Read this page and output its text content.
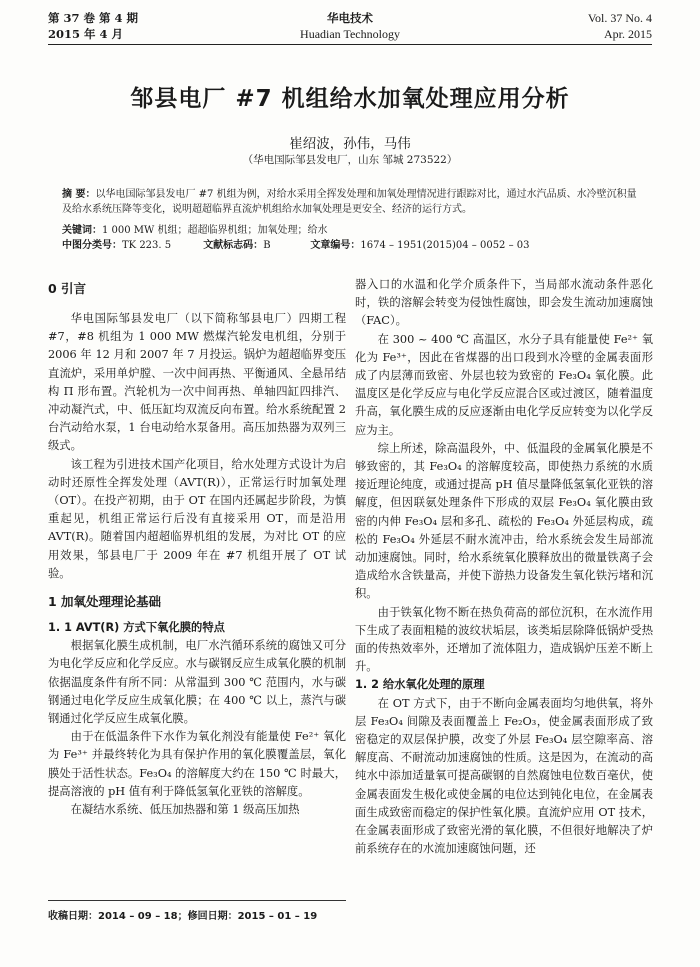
第 37 卷 第 4 期
2015 年 4 月
华电技术
Huadian Technology
Vol. 37 No. 4
Apr. 2015
邹县电厂 #7 机组给水加氧处理应用分析
崔绍波，孙伟，马伟
（华电国际邹县发电厂，山东 邹城 273522）
摘 要：以华电国际邹县发电厂 #7 机组为例，对给水采用全挥发处理和加氧处理情况进行跟踪对比，通过水汽品质、水冷壁沉积量及给水系统压降等变化，说明超超临界直流炉机组给水加氧处理是更安全、经济的运行方式。
关键词：1 000 MW 机组；超超临界机组；加氧处理；给水
中图分类号：TK 223. 5	文献标志码：B	文章编号：1674 – 1951(2015)04 – 0052 – 03
0 引言

华电国际邹县发电厂（以下简称邹县电厂）四期工程 #7，#8 机组为 1 000 MW 燃煤汽轮发电机组，分别于 2006 年 12 月和 2007 年 7 月投运。锅炉为超超临界变压直流炉，采用单炉膛、一次中间再热、平衡通风、全悬吊结构 Π 形布置。汽轮机为一次中间再热、单轴四缸四排汽、冲动凝汽式，中、低压缸均双流反向布置。给水系统配置 2 台汽动给水泵，1 台电动给水泵备用。高压加热器为双列三级式。

该工程为引进技术国产化项目，给水处理方式设计为启动时还原性全挥发处理（AVT(R)），正常运行时加氧处理（OT）。在投产初期，由于 OT 在国内还属起步阶段，为慎重起见，机组正常运行后没有直接采用 OT，而是沿用 AVT(R)。随着国内超超临界机组的发展，为对比 OT 的应用效果，邹县电厂于 2009 年在 #7 机组开展了 OT 试验。

1 加氧处理理论基础
1. 1 AVT(R) 方式下氧化膜的特点

根据氧化膜生成机制，电厂水汽循环系统的腐蚀又可分为电化学反应和化学反应。水与碳钢反应生成氧化膜的机制依据温度条件有所不同：从常温到 300 ℃ 范围内，水与碳钢通过电化学反应生成氧化膜；在 400 ℃ 以上，蒸汽与碳钢通过化学反应生成氧化膜。

由于在低温条件下水作为氧化剂没有能量使 Fe²⁺ 氧化为 Fe³⁺ 并最终转化为具有保护作用的氧化膜覆盖层，氧化膜处于活性状态。Fe₃O₄ 的溶解度大约在 150 ℃ 时最大，提高溶液的 pH 值有利于降低氢氧化亚铁的溶解度。

在凝结水系统、低压加热器和第 1 级高压加热

器入口的水温和化学介质条件下，当局部水流动条件恶化时，铁的溶解会转变为侵蚀性腐蚀，即会发生流动加速腐蚀（FAC）。

在 300 ~ 400 ℃ 高温区，水分子具有能量使 Fe²⁺ 氧化为 Fe³⁺，因此在省煤器的出口段到水冷壁的金属表面形成了内层薄而致密、外层也较为致密的 Fe₃O₄ 氧化膜。此温度区是化学反应与电化学反应混合区或过渡区，随着温度升高，氧化膜生成的反应逐渐由电化学反应转变为以化学反应为主。

综上所述，除高温段外，中、低温段的金属氧化膜是不够致密的，其 Fe₃O₄ 的溶解度较高，即使热力系统的水质接近理论纯度，或通过提高 pH 值尽量降低氢氧化亚铁的溶解度，但因联氨处理条件下形成的双层 Fe₃O₄ 氧化膜由致密的内伸 Fe₃O₄ 层和多孔、疏松的 Fe₃O₄ 外延层构成，疏松的 Fe₃O₄ 外延层不耐水流冲击，给水系统会发生局部流动加速腐蚀。同时，给水系统氧化膜释放出的微量铁离子会造成给水含铁量高，并使下游热力设备发生氧化铁污堵和沉积。

由于铁氧化物不断在热负荷高的部位沉积，在水流作用下生成了表面粗糙的波纹状垢层，该类垢层除降低锅炉受热面的传热效率外，还增加了流体阻力，造成锅炉压差不断上升。

1. 2 给水氧化处理的原理

在 OT 方式下，由于不断向金属表面均匀地供氧，将外层 Fe₃O₄ 间隙及表面覆盖上 Fe₂O₃，使金属表面形成了致密稳定的双层保护膜，改变了外层 Fe₃O₄ 层空隙率高、溶解度高、不耐流动加速腐蚀的性质。这是因为，在流动的高纯水中添加适量氧可提高碳钢的自然腐蚀电位数百毫伏，使金属表面发生极化或使金属的电位达到钝化电位，在金属表面生成致密而稳定的保护性氧化膜。直流炉应用 OT 技术，在金属表面形成了致密光滑的氧化膜，不但很好地解决了炉前系统存在的水流加速腐蚀问题，还

收稿日期：2014 – 09 – 18；修回日期：2015 – 01 – 19
